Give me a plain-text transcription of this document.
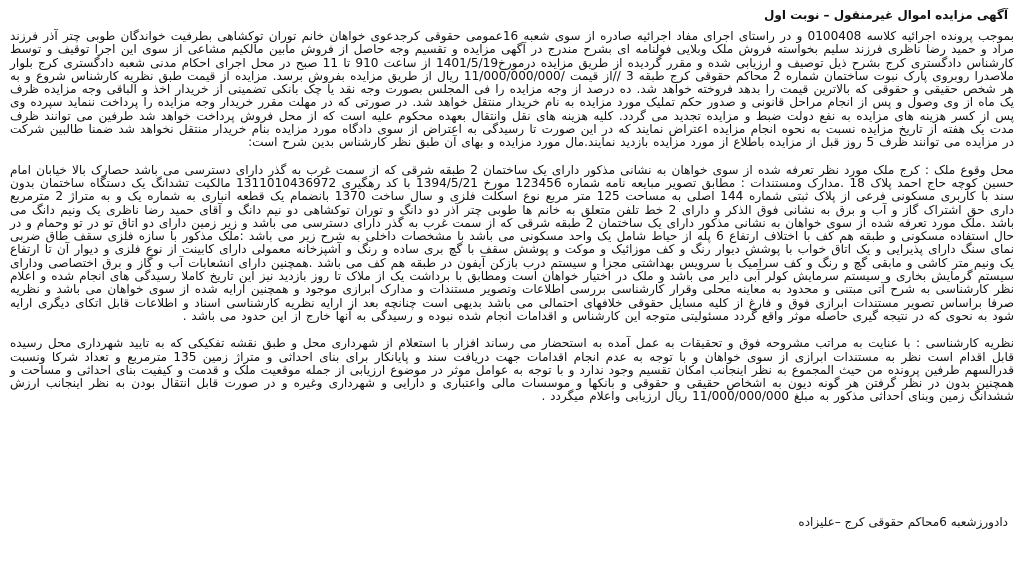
آگهی مزایده اموال غیرمنقول – نوبت اول

بموجب پرونده اجرائیه کلاسه 0100408 و در راستای اجرای مفاد اجرائیه صادره از سوی شعبه 16عمومی حقوقی کرجدعوی خواهان خانم توران توکشاهی بطرفیت خواندگان طوبی چتر آذر فرزند مراد و حمید رضا ناظری فرزند سلیم بخواسته فروش ملک وبلایی فولنامه ای بشرح مندرج در آگهی مزایده و تقسیم وجه حاصل از فروش مابین مالکیم مشاعی از سوی این اجرا توقیف و توسط کارشناس دادگستری کرج بشرح ذیل توصیف و ارزیابی شده و مقرر گردیده از طریق مزایده درمورخ1401/5/19 از ساعت 910 تا 11 صبح در محل اجرای احکام مدنی شعبه دادگستری کرج بلوار ملاصدرا روبروی پارک نبوت ساختمان شماره 2 محاکم حقوقی کرج طبقه 3 //از قیمت /11/000/000/000 ریال از طریق مزایده بفروش برسد. مزایده از قیمت طبق نظریه کارشناس شروع و به هر شخص حقیقی و حقوقی که بالاترین قیمت را بدهد فروخته خواهد شد. ده درصد از وجه مزایده را فی المجلس بصورت وجه نقد یا چک بانکی تضمینی از خریدار اخذ و الباقی وجه مزایده ظرف یک ماه از وی وصول و پس از انجام مراحل قانونی و صدور حکم تملیک مورد مزایده به نام خریدار منتقل خواهد شد. در صورتی که در مهلت مقرر خریدار وجه مزایده را پرداخت ننماید سپرده وی پس از کسر هزینه های مزایده به نفع دولت ضبط و مزایده تجدید می گردد. کلیه هزینه های نقل وانتقال بعهده محکوم علیه است که از محل فروش پرداخت خواهد شد طرفین می توانند ظرف مدت یک هفته از تاریخ مزایده نسبت به نحوه انجام مزایده اعتراض نمایند که در این صورت تا رسیدگی به اعتراض از سوی دادگاه مورد مزایده بنام خریدار منتقل نخواهد شد ضمنا طالبین شرکت در مزایده می توانند ظرف 5 روز قبل از مزایده باطلاع از مورد مزایده بازدید نمایند.مال مورد مزایده و بهای آن طبق نظر کارشناس بدین شرح است:

محل وقوع ملک : کرج ملک مورد نظر تعرفه شده از سوی خواهان به نشانی مذکور دارای یک ساختمان 2 طبقه شرقی که از سمت غرب به گذر دارای دسترسی می باشد حصارک بالا خیابان امام حسین کوچه حاج احمد پلاک 18 .مدارک ومستندات : مطابق تصویر مبایعه نامه شماره 123456 مورخ 1394/5/21 با کد رهگیری 1311010436972 مالکیت تشدانگ یک دستگاه ساختمان بدون سند با کاربری مسکونی فرعی از پلاک ثبتی شماره 144 اصلی به مساحت 125 متر مربع نوع اسکلت فلزی و سال ساخت 1370 بانضمام یک قطعه انباری به شماره یک و به متراژ 2 مترمربع داری حق اشتراک گاز و آب و برق به نشانی فوق الذکر و دارای 2 خط تلفن متعلق به خانم ها طوبی چتر آذر دو دانگ و توران توکشاهی دو نیم دانگ و آقای حمید رضا ناظری یک ونیم دانگ می باشد .ملک مورد تعرفه شده از سوی خواهان به نشانی مذکور دارای یک ساختمان 2 طبقه شرقی که از سمت غرب به گذر دارای دسترسی می باشد و زیر زمین دارای دو اتاق تو در تو وحمام و در حال استفاده مسکونی و طبقه هم کف با اختلاف ارتفاع 6 پله از حیاط شامل یک واحد مسکونی می باشد با مشخصات داخلی به شرح زیر می باشد :ملک مذکور با سازه فلزی سقف طاق ضربی نمای سنگ دارای پذیرایی و یک اتاق خواب با پوشش دیوار رنگ و کف موزائیک و موکت و پوشش سقف با گچ بری ساده و رنگ و آشپزخانه معمولی دارای کابینت از نوع فلزی و دیوار آن تا ارتفاع یک ونیم متر کاشی و مابقی گچ و رنگ و کف سرامیک با سرویس بهداشتی مجزا و سیستم درب بازکن آیفون در طبقه هم کف می باشد .همچنین دارای انشعابات آب و گاز و برق اختصاصی ودارای سیستم گرمایش بخاری و سیستم سرمایش کولر آبی دایر می باشد و ملک در اختیار خواهان است ومطابق با برداشت یک از ملاک تا روز بازدید نیز این تاریخ کاملا رسیدگی های انجام شده و اعلام نظر کارشناسی به شرح آتی مبتنی و محدود به معاینه محلی وقرار کارشناسی بررسی اطلاعات وتصویر مستندات و مدارک ابرازی موجود و همچنین ارایه شده از سوی خواهان می باشد و نظریه صرفا براساس تصویر مستندات ابرازی فوق و فارغ از کلیه مسایل حقوقی خلافهای احتمالی می باشد بدیهی است چنانچه بعد از ارایه نظریه کارشناسی اسناد و اطلاعات قابل اتکای دیگری ارایه شود به نحوی که در نتیجه گیری حاصله موثر واقع گردد مسئولیتی متوجه این کارشناس و اقدامات انجام شده نبوده و رسیدگی به آنها خارج از این حدود می باشد .

نظریه کارشناسی : با عنایت به مراتب مشروحه فوق و تحقیقات به عمل آمده به استحضار می رساند افزار با استعلام از شهرداری محل و طبق نقشه تفکیکی که به تایید شهرداری محل رسیده قابل اقدام است نظر به مستندات ابرازی از سوی خواهان و با توجه به عدم انجام اقدامات جهت دریافت سند و پایانکار برای بنای احداثی و متراژ زمین 135 مترمربع و تعداد شرکا ونسبت قدرالسهم طرفین پرونده من حیث المجموع به نظر اینجانب امکان تقسیم وجود ندارد و با توجه به عوامل موثر در موضوع ارزیابی از جمله موقعیت ملک و قدمت و کیفیت بنای احداثی و مساحت و همچنین بدون در نظر گرفتن هر گونه دیون به اشخاص حقیقی و حقوقی و بانکها و موسسات مالی واعتباری و دارایی و شهرداری وغیره و در صورت قابل انتقال بودن به نظر اینجانب ارزش ششدانگ زمین وبنای احداثی مذکور به مبلغ 11/000/000/000 ریال ارزیابی واعلام میگردد .

دادورزشعبه 6محاکم حقوقی کرج –علیزاده
